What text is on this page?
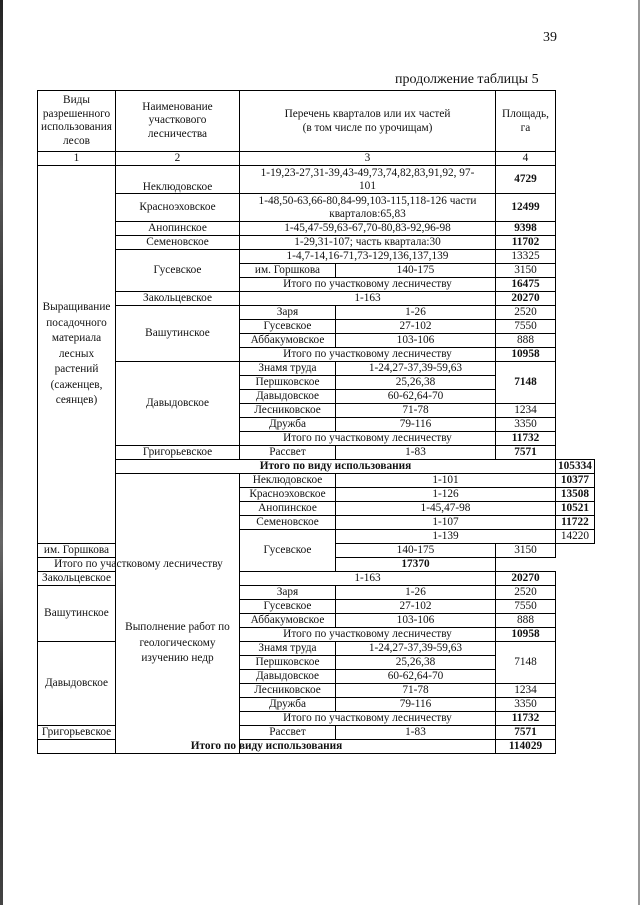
39
продолжение таблицы 5
Виды разрешенного использования лесов	Наименование участкового лесничества	Перечень кварталов или их частей (в том числе по урочищам)		Площадь, га	
1	2	3		4	
Выращивание посадочного материала лесных растений (саженцев, сеянцев)	Неклюдовское	1-19,23-27,31-39,43-49,73,74,82,83,91,92, 97-101		4729	
	Красноэховское	1-48,50-63,66-80,84-99,103-115,118-126 части кварталов:65,83		12499	
	Анопинское	1-45,47-59,63-67,70-80,83-92,96-98		9398	
	Семеновское	1-29,31-107; часть квартала:30		11702	
	Гусевское	1-4,7-14,16-71,73-129,136,137,139		13325	
		им. Горшкова	140-175	3150	
		Итого по участковому лесничеству		16475	
	Закольцевское	1-163		20270	
	Вашутинское	Заря	1-26	2520	
		Гусевское	27-102	7550	
		Аббакумовское	103-106	888	
		Итого по участковому лесничеству		10958	
	Давыдовское	Знамя труда	1-24,27-37,39-59,63	7148	
		Першковское	25,26,38		
		Давыдовское	60-62,64-70		
		Лесниковское	71-78	1234	
		Дружба	79-116	3350	
		Итого по участковому лесничеству		11732	
	Григорьевское	Рассвет	1-83	7571	
	Итого по виду использования				105334
	Выполнение работ по геологическому изучению недр	Неклюдовское	1-101		10377
		Красноэховское	1-126		13508
		Анопинское	1-45,47-98		10521
		Семеновское	1-107		11722
		Гусевское	1-139		14220
им. Горшкова			140-175	3150	
Итого по участковому лесничеству			17370		
Закольцевское		1-163		20270	
Вашутинское		Заря	1-26	2520	
		Гусевское	27-102	7550	
		Аббакумовское	103-106	888	
		Итого по участковому лесничеству		10958	
Давыдовское		Знамя труда	1-24,27-37,39-59,63	7148	
		Першковское	25,26,38		
		Давыдовское	60-62,64-70		
		Лесниковское	71-78	1234	
		Дружба	79-116	3350	
		Итого по участковому лесничеству		11732	
Григорьевское		Рассвет	1-83	7571	
Итого по виду использования				114029	
